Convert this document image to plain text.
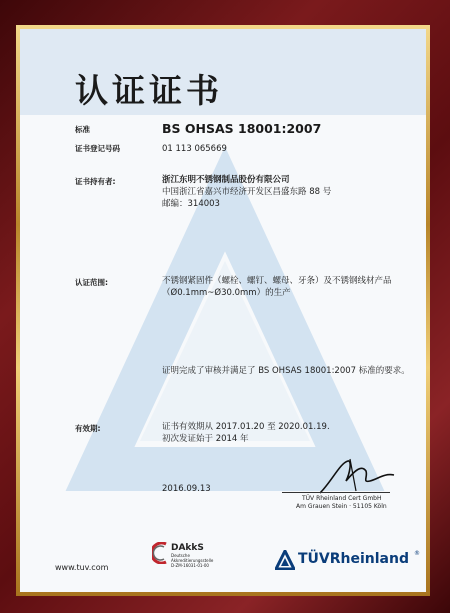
认证证书

标准	BS OHSAS 18001:2007

证书登记号码	01 113 065669

证书持有者:	浙江东明不锈钢制品股份有限公司

中国浙江省嘉兴市经济开发区昌盛东路 88 号

邮编：314003

认证范围:	不锈钢紧固件（螺栓、螺钉、螺母、牙条）及不锈钢线材产品

（Ø0.1mm~Ø30.0mm）的生产

证明完成了审核并满足了 BS OHSAS 18001:2007 标准的要求。

有效期:	证书有效期从 2017.01.20 至 2020.01.19.

初次发证始于 2014 年

2016.09.13

TÜV Rheinland Cert GmbH

Am Grauen Stein · 51105 Köln

www.tuv.com

DAkkS

Deutsche

Akkreditierungsstelle

D-ZM-16031-01-00	TÜVRheinland ®
